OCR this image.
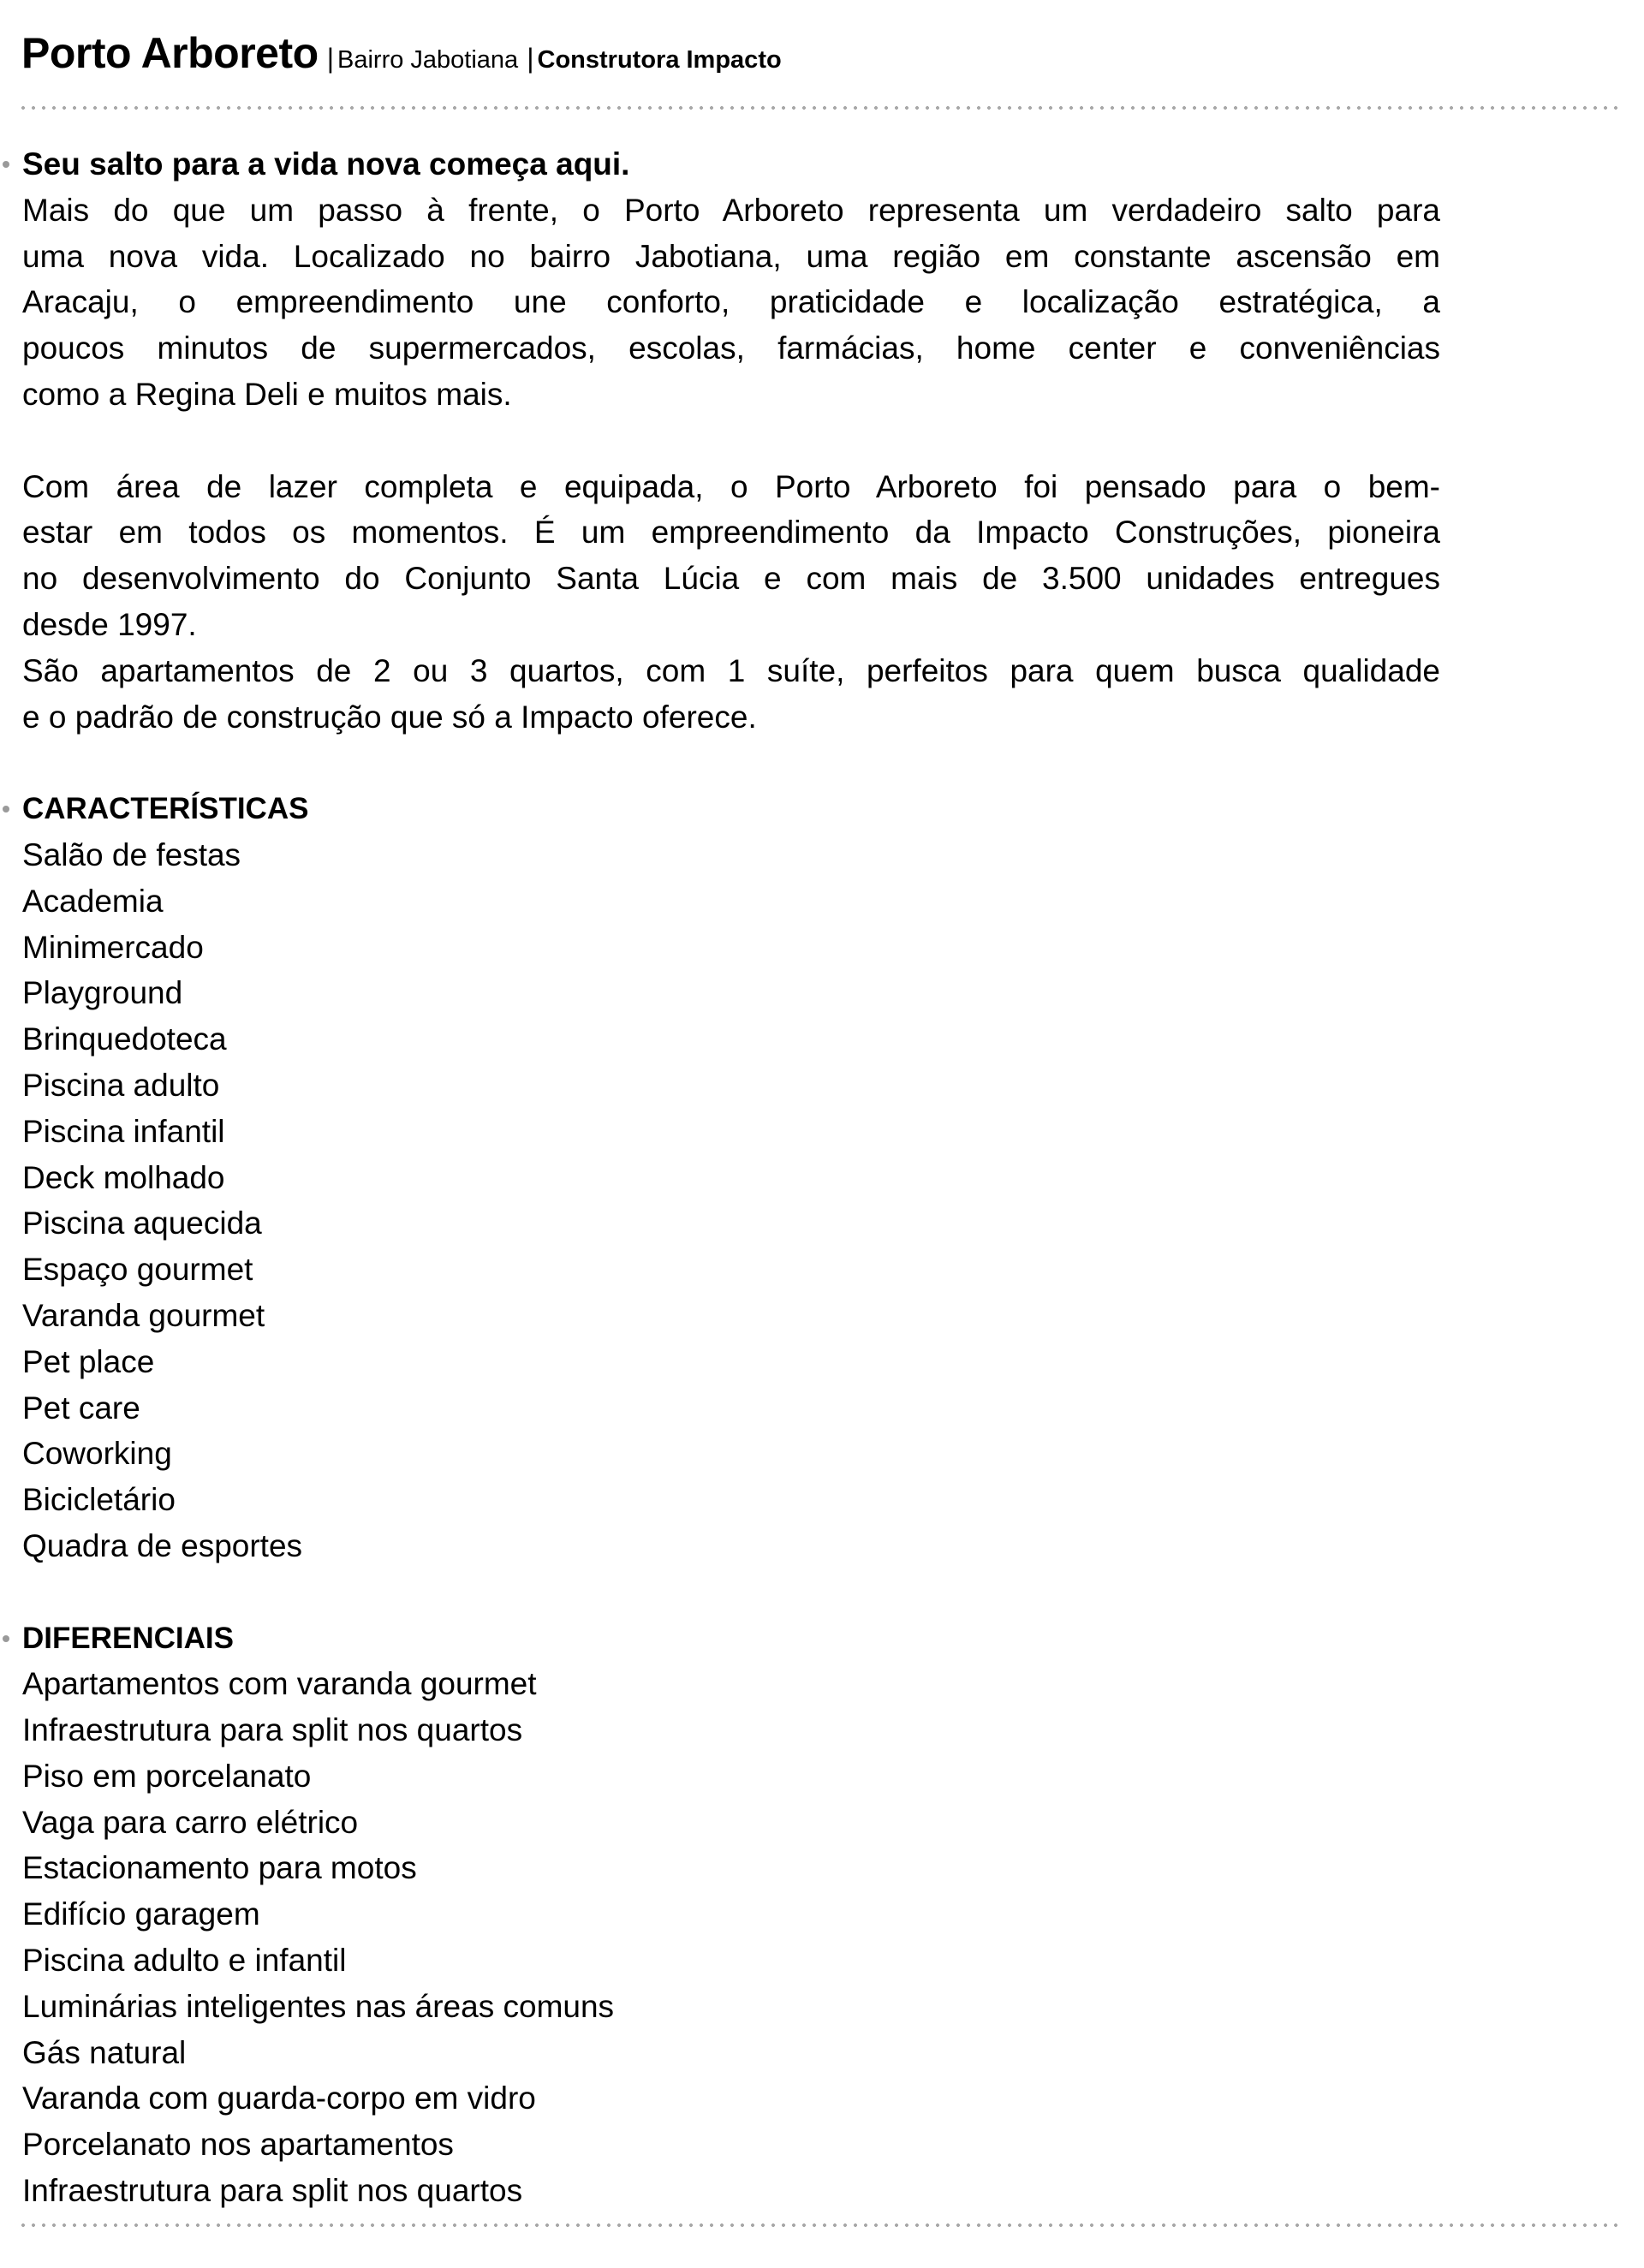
Porto Arboreto | Bairro Jabotiana | Construtora Impacto
Seu salto para a vida nova começa aqui.
Mais do que um passo à frente, o Porto Arboreto representa um verdadeiro salto para
uma nova vida. Localizado no bairro Jabotiana, uma região em constante ascensão em
Aracaju, o empreendimento une conforto, praticidade e localização estratégica, a
poucos minutos de supermercados, escolas, farmácias, home center e conveniências
como a Regina Deli e muitos mais.
Com área de lazer completa e equipada, o Porto Arboreto foi pensado para o bem-
estar em todos os momentos. É um empreendimento da Impacto Construções, pioneira
no desenvolvimento do Conjunto Santa Lúcia e com mais de 3.500 unidades entregues
desde 1997.
São apartamentos de 2 ou 3 quartos, com 1 suíte, perfeitos para quem busca qualidade
e o padrão de construção que só a Impacto oferece.
CARACTERÍSTICAS
Salão de festas
Academia
Minimercado
Playground
Brinquedoteca
Piscina adulto
Piscina infantil
Deck molhado
Piscina aquecida
Espaço gourmet
Varanda gourmet
Pet place
Pet care
Coworking
Bicicletário
Quadra de esportes
DIFERENCIAIS
Apartamentos com varanda gourmet
Infraestrutura para split nos quartos
Piso em porcelanato
Vaga para carro elétrico
Estacionamento para motos
Edifício garagem
Piscina adulto e infantil
Luminárias inteligentes nas áreas comuns
Gás natural
Varanda com guarda-corpo em vidro
Porcelanato nos apartamentos
Infraestrutura para split nos quartos
